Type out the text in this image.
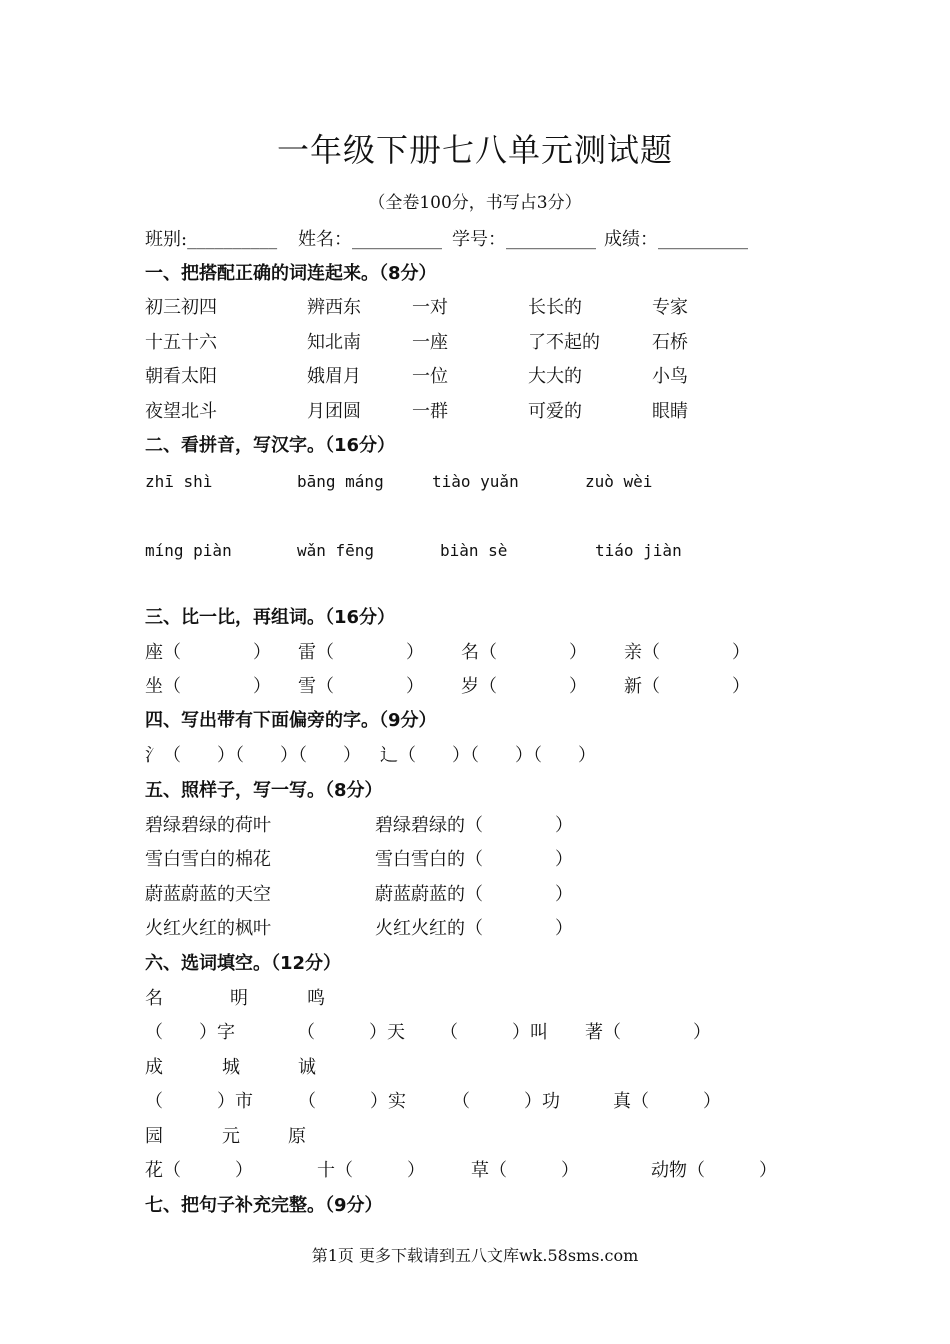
一年级下册七八单元测试题
（全卷100分，书写占3分）
班别:__________ 姓名：__________ 学号：__________ 成绩：__________
一、把搭配正确的词连起来。（8分）
初三初四	辨西东	一对	长长的	专家
十五十六	知北南	一座	了不起的	石桥
朝看太阳	娥眉月	一位	大大的	小鸟
夜望北斗	月团圆	一群	可爱的	眼睛
二、看拼音，写汉字。（16分）
zhī shì	bāng máng	tiào yuǎn	zuò wèi
míng piàn	wǎn fēng	biàn sè	tiáo jiàn
三、比一比，再组词。（16分）
座（　　　　） 雷（　　　　） 名（　　　　） 亲（　　　　）
坐（　　　　） 雪（　　　　） 岁（　　　　） 新（　　　　）
四、写出带有下面偏旁的字。（9分）
氵（　　）（　　）（　　） 辶（　　）（　　）（　　）
五、照样子，写一写。（8分）
碧绿碧绿的荷叶	碧绿碧绿的（　　　　）
雪白雪白的棉花	雪白雪白的（　　　　）
蔚蓝蔚蓝的天空	蔚蓝蔚蓝的（　　　　）
火红火红的枫叶	火红火红的（　　　　）
六、选词填空。（12分）
名	明	鸣
（　　）字	（　　　）天 （　　　）叫 著（　　　　）
成	城	诚
（　　　）市	（　　　）实	（　　　）功	真（　　　）
园	元	原
花（　　　）	十（　　　）	草（　　　）	动物（　　　）
七、把句子补充完整。（9分）
第1页 更多下载请到五八文库wk.58sms.com
